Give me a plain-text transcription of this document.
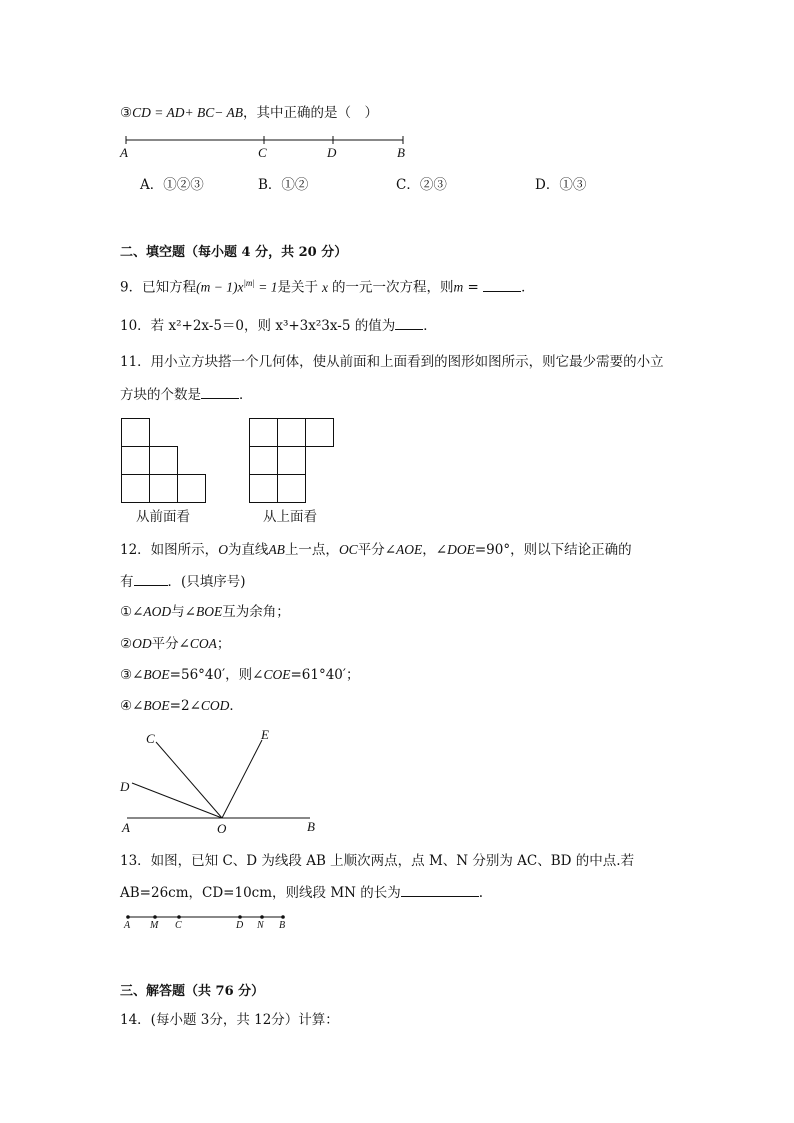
③CD = AD+ BC− AB，其中正确的是（　）
A	C	D	B
A．①②③	B．①②	C．②③	D．①③
二、填空题（每小题 4 分，共 20 分）
9．已知方程$(m - 1)x^{|m|} = 1$是关于 x 的一元一次方程，则m =	．
10．若 x²+2x-5＝0，则 x³+3x²3x-5 的值为 ．
11．用小立方块搭一个几何体，使从前面和上面看到的图形如图所示，则它最少需要的小立
方块的个数是	．
从前面看	从上面看
12．如图所示，O为直线AB上一点，OC平分∠AOE，∠DOE=90°，则以下结论正确的
有	．(只填序号)
①∠AOD与∠BOE互为余角；
②OD平分∠COA；
③∠BOE=56°40′，则∠COE=61°40′；
④∠BOE=2∠COD．
C	E
D
A	O	B
13．如图，已知 C、D 为线段 AB 上顺次两点，点 M、N 分别为 AC、BD 的中点.若
AB=26cm，CD=10cm，则线段 MN 的长为	.
A M C	D N B
三、解答题（共 76 分）
14．(每小题 3分，共 12分）计算：
